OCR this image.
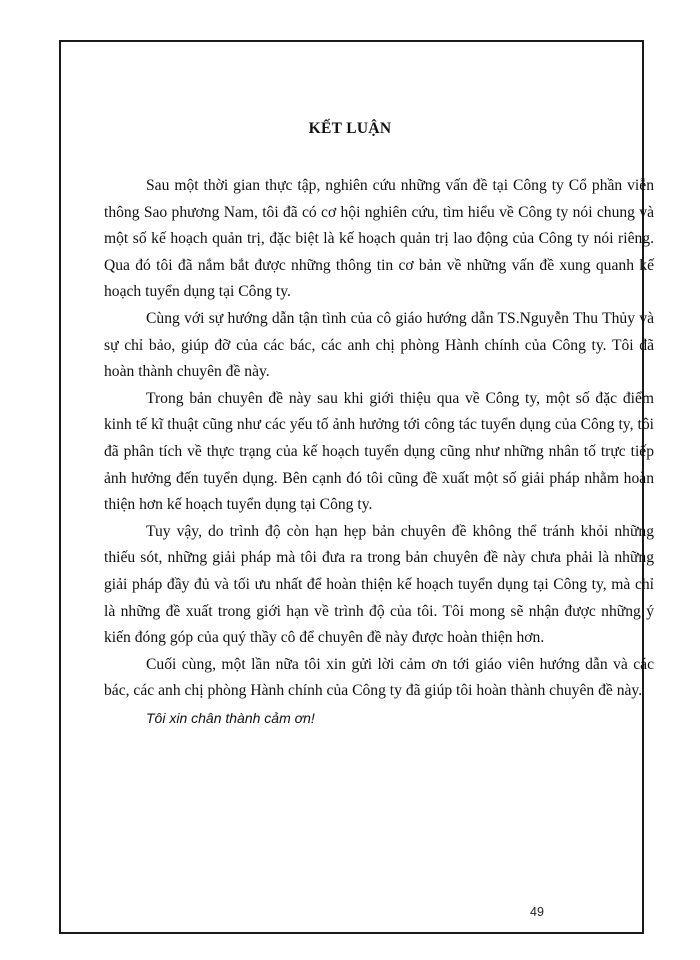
KẾT LUẬN

Sau một thời gian thực tập, nghiên cứu những vấn đề tại Công ty Cổ phần viễn thông Sao phương Nam, tôi đã có cơ hội nghiên cứu, tìm hiểu về Công ty nói chung và một số kế hoạch quản trị, đặc biệt là kế hoạch quản trị lao động của Công ty nói riêng. Qua đó tôi đã nắm bắt được những thông tin cơ bản về những vấn đề xung quanh kế hoạch tuyển dụng tại Công ty.

Cùng với sự hướng dẫn tận tình của cô giáo hướng dẫn TS.Nguyễn Thu Thủy và sự chỉ bảo, giúp đỡ của các bác, các anh chị phòng Hành chính của Công ty. Tôi đã hoàn thành chuyên đề này.

Trong bản chuyên đề này sau khi giới thiệu qua về Công ty, một số đặc điểm kinh tế kĩ thuật cũng như các yếu tố ảnh hưởng tới công tác tuyển dụng của Công ty, tôi đã phân tích về thực trạng của kế hoạch tuyển dụng cũng như những nhân tố trực tiếp ảnh hưởng đến tuyển dụng. Bên cạnh đó tôi cũng đề xuất một số giải pháp nhằm hoàn thiện hơn kế hoạch tuyển dụng tại Công ty.

Tuy vậy, do trình độ còn hạn hẹp bản chuyên đề không thể tránh khỏi những thiếu sót, những giải pháp mà tôi đưa ra trong bản chuyên đề này chưa phải là những giải pháp đầy đủ và tối ưu nhất để hoàn thiện kế hoạch tuyển dụng tại Công ty, mà chỉ là những đề xuất trong giới hạn về trình độ của tôi. Tôi mong sẽ nhận được những ý kiến đóng góp của quý thầy cô để chuyên đề này được hoàn thiện hơn.

Cuối cùng, một lần nữa tôi xin gửi lời cảm ơn tới giáo viên hướng dẫn và các bác, các anh chị phòng Hành chính của Công ty đã giúp tôi hoàn thành chuyên đề này.

Tôi xin chân thành cảm ơn!

49
